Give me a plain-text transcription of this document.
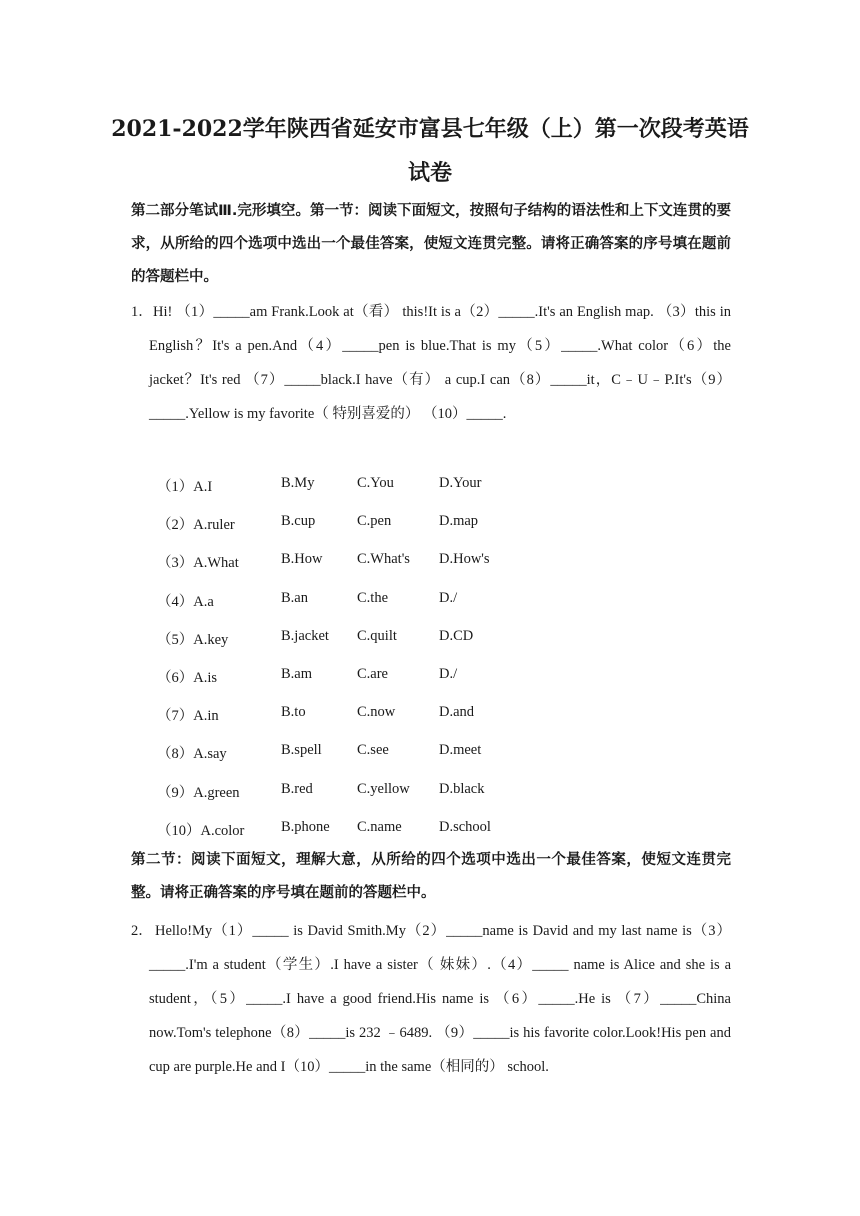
2021-2022学年陕西省延安市富县七年级（上）第一次段考英语
试卷
第二部分笔试Ⅲ.完形填空。第一节：阅读下面短文，按照句子结构的语法性和上下文连贯的要求，从所给的四个选项中选出一个最佳答案，使短文连贯完整。请将正确答案的序号填在题前的答题栏中。
1． Hi! （1）_____am Frank.Look at（看） this!It is a（2）_____.It's an English map. （3）this in English？It's a pen.And（4）_____pen is blue.That is my（5）_____.What color（6）the jacket？It's red （7）_____black.I have（有） a cup.I can（8）_____it，C﹣U﹣P.It's（9）_____.Yellow is my favorite（ 特别喜爱的） （10）_____.
（1）A.I	B.My	C.You	D.Your
（2）A.ruler	B.cup	C.pen	D.map
（3）A.What	B.How C.What's D.How's
（4）A.a	B.an	C.the	D./
（5）A.key	B.jacket C.quilt	D.CD
（6）A.is	B.am	C.are	D./
（7）A.in	B.to	C.now	D.and
（8）A.say	B.spell C.see	D.meet
（9）A.green	B.red	C.yellow D.black
（10）A.color	B.phone C.name	D.school
第二节：阅读下面短文，理解大意，从所给的四个选项中选出一个最佳答案，使短文连贯完整。请将正确答案的序号填在题前的答题栏中。
2． Hello!My（1）_____ is David Smith.My（2）_____name is David and my last name is（3）_____.I'm a student（学生）.I have a sister（ 妹妹）.（4）_____ name is Alice and she is a student，（5）_____.I have a good friend.His name is （6）_____.He is （7）_____China now.Tom's telephone（8）_____is 232 ﹣6489. （9）_____is his favorite color.Look!His pen and cup are purple.He and I（10）_____in the same（相同的） school.
